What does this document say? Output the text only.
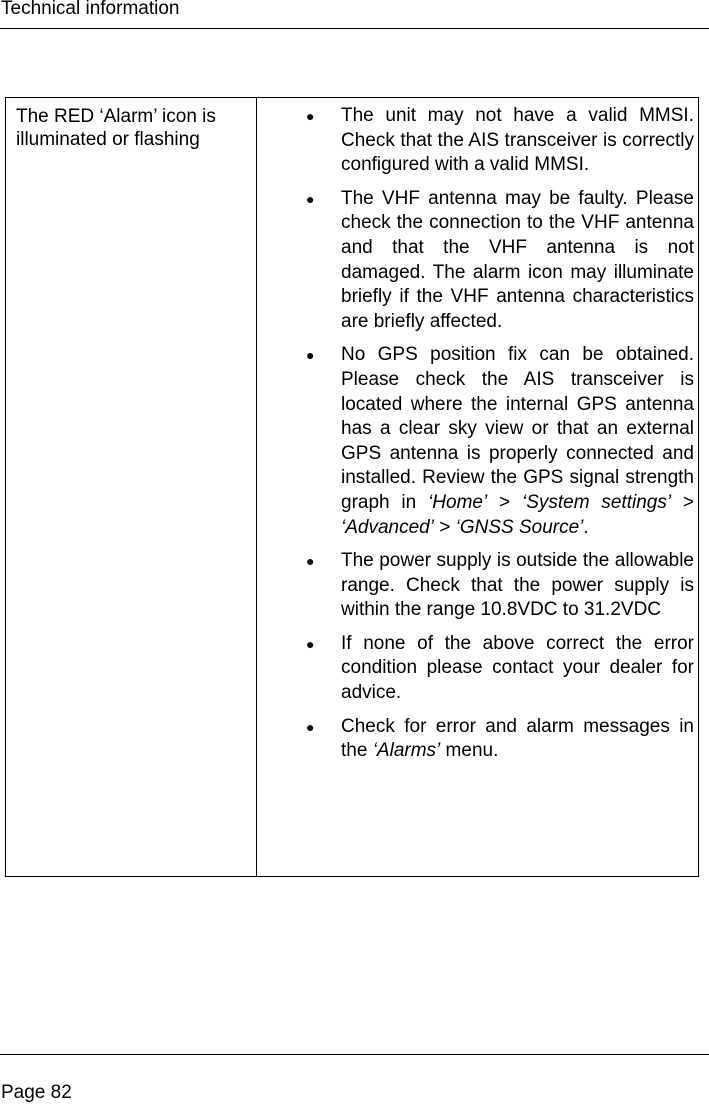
Technical information
The RED ‘Alarm’ icon is illuminated or flashing
● The unit may not have a valid MMSI. Check that the AIS transceiver is correctly configured with a valid MMSI.
● The VHF antenna may be faulty. Please check the connection to the VHF antenna and that the VHF antenna is not damaged. The alarm icon may illuminate briefly if the VHF antenna characteristics are briefly affected.
● No GPS position fix can be obtained. Please check the AIS transceiver is located where the internal GPS antenna has a clear sky view or that an external GPS antenna is properly connected and installed. Review the GPS signal strength graph in ‘Home’ > ‘System settings’ > ‘Advanced’ > ‘GNSS Source’.
● The power supply is outside the allowable range. Check that the power supply is within the range 10.8VDC to 31.2VDC
● If none of the above correct the error condition please contact your dealer for advice.
● Check for error and alarm messages in the ‘Alarms’ menu.
Page 82
